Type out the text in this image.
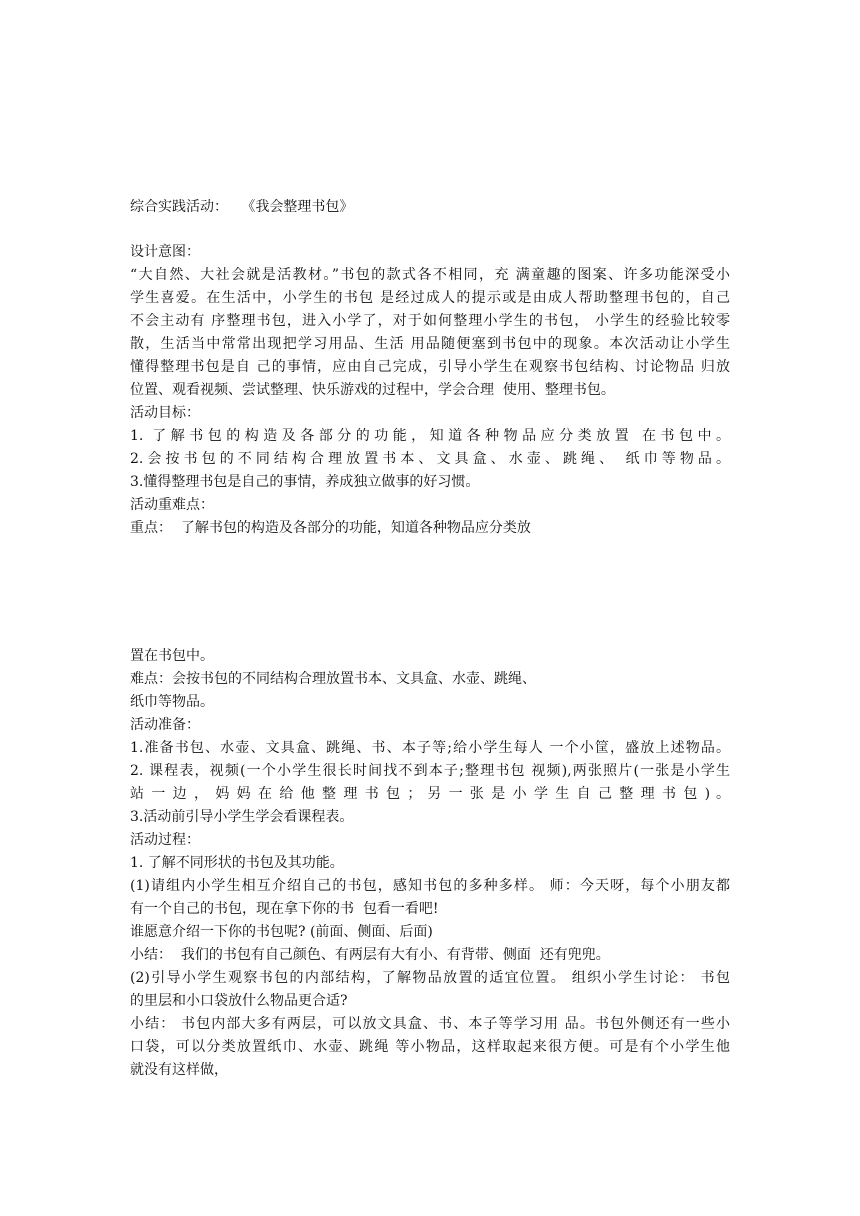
综合实践活动：   《我会整理书包》
设计意图：
“大自然、大社会就是活教材。”书包的款式各不相同，充 满童趣的图案、许多功能深受小
学生喜爱。在生活中，小学生的书包 是经过成人的提示或是由成人帮助整理书包的，自己
不会主动有 序整理书包，进入小学了，对于如何整理小学生的书包， 小学生的经验比较零
散，生活当中常常出现把学习用品、生活 用品随便塞到书包中的现象。本次活动让小学生
懂得整理书包是自 己的事情，应由自己完成，引导小学生在观察书包结构、讨论物品 归放
位置、观看视频、尝试整理、快乐游戏的过程中，学会合理  使用、整理书包。
活动目标：
1. 了解书包的构造及各部分的功能，知道各种物品应分类放置 在书包中。
2.会按书包的不同结构合理放置书本、文具盒、水壶、跳绳、 纸巾等物品。
3.懂得整理书包是自己的事情，养成独立做事的好习惯。
活动重难点：
重点：  了解书包的构造及各部分的功能，知道各种物品应分类放
置在书包中。
难点：会按书包的不同结构合理放置书本、文具盒、水壶、跳绳、
纸巾等物品。
活动准备：
1.准备书包、水壶、文具盒、跳绳、书、本子等;给小学生每人 一个小筐，盛放上述物品。
2. 课程表，视频(一个小学生很长时间找不到本子;整理书包 视频),两张照片(一张是小学生
站 一 边 ， 妈 妈 在 给 他 整 理 书 包 ； 另 一 张 是 小 学 生 自 己 整 理 书 包 ) 。
3.活动前引导小学生学会看课程表。
活动过程：
1. 了解不同形状的书包及其功能。
(1)请组内小学生相互介绍自己的书包，感知书包的多种多样。 师：今天呀，每个小朋友都
有一个自己的书包，现在拿下你的书  包看一看吧!
谁愿意介绍一下你的书包呢? (前面、侧面、后面)
小结：  我们的书包有自己颜色、有两层有大有小、有背带、侧面  还有兜兜。
(2)引导小学生观察书包的内部结构，了解物品放置的适宜位置。 组织小学生讨论： 书包
的里层和小口袋放什么物品更合适?
小结： 书包内部大多有两层，可以放文具盒、书、本子等学习用 品。书包外侧还有一些小
口袋，可以分类放置纸巾、水壶、跳绳 等小物品，这样取起来很方便。可是有个小学生他
就没有这样做，
